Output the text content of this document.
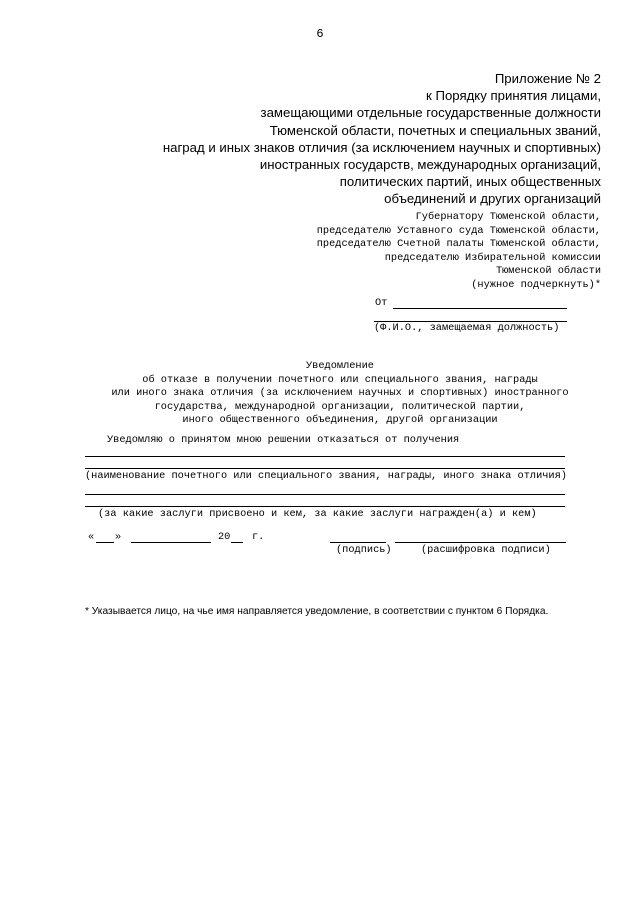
6
Приложение № 2
к Порядку принятия лицами,
замещающими отдельные государственные должности
Тюменской области, почетных и специальных званий,
наград и иных знаков отличия (за исключением научных и спортивных)
иностранных государств, международных организаций,
политических партий, иных общественных
объединений и других организаций
Губернатору Тюменской области,
председателю Уставного суда Тюменской области,
председателю Счетной палаты Тюменской области,
председателю Избирательной комиссии
Тюменской области
(нужное подчеркнуть)*
От
(Ф.И.О., замещаемая должность)
Уведомление
об отказе в получении почетного или специального звания, награды
или иного знака отличия (за исключением научных и спортивных) иностранного
государства, международной организации, политической партии,
иного общественного объединения, другой организации
Уведомляю о принятом мною решении отказаться от получения
(наименование почетного или специального звания, награды, иного знака отличия)
(за какие заслуги присвоено и кем, за какие заслуги награжден(а) и кем)
« »	20 г.
(подпись)	(расшифровка подписи)
* Указывается лицо, на чье имя направляется уведомление, в соответствии с пунктом 6 Порядка.
